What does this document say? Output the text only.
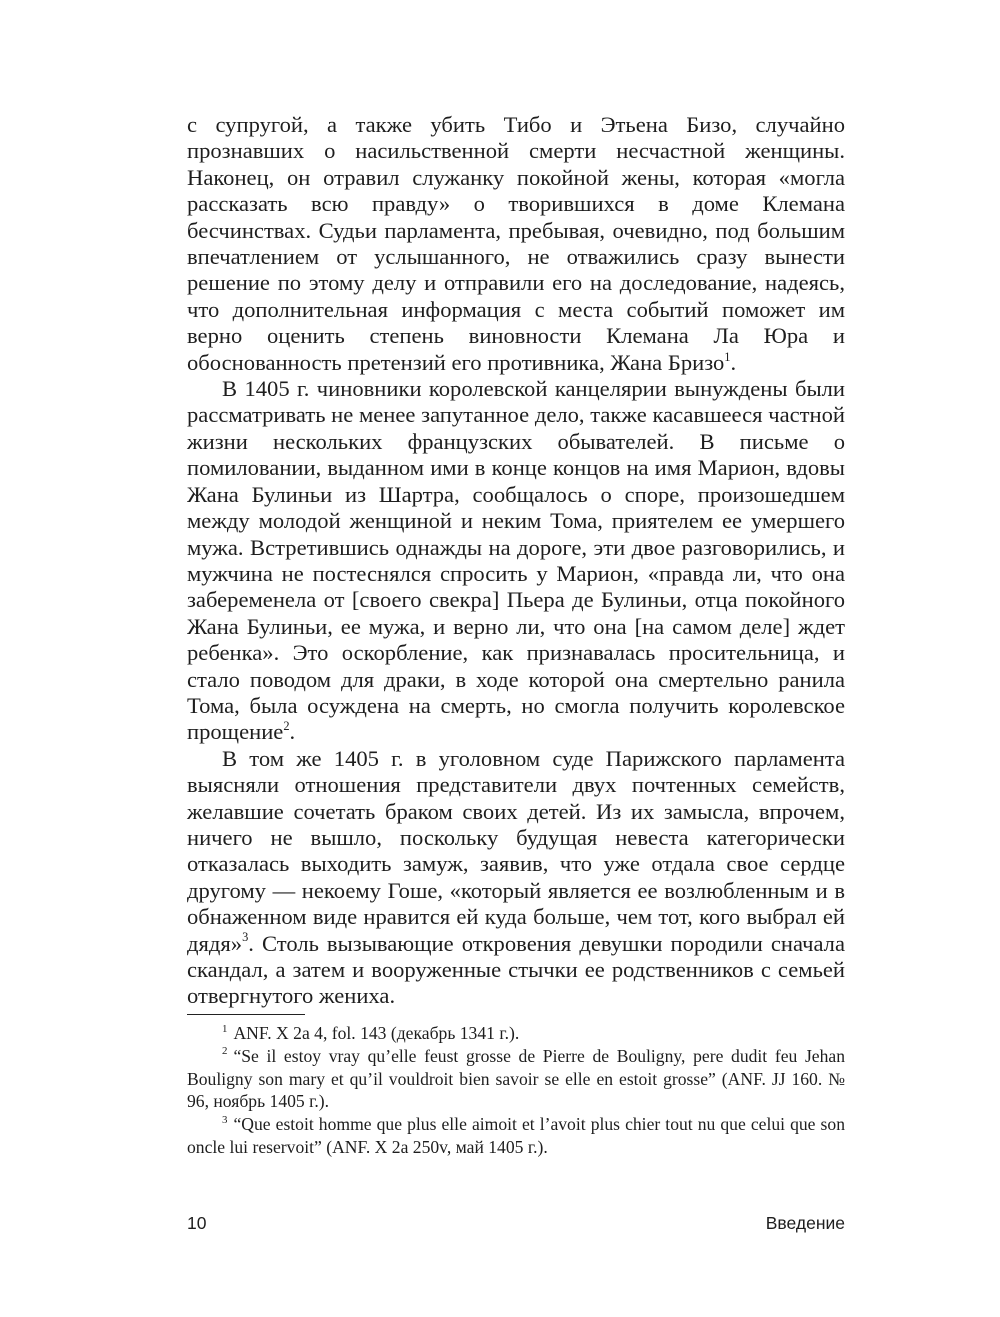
с супругой, а также убить Тибо и Этьена Бизо, случайно прознавших о насильственной смерти несчастной женщины. Наконец, он отравил служанку покойной жены, которая «могла рассказать всю правду» о творившихся в доме Клемана бесчинствах. Судьи парламента, пребывая, очевидно, под большим впечатлением от услышанного, не отважились сразу вынести решение по этому делу и отправили его на доследование, надеясь, что дополнительная информация с места событий поможет им верно оценить степень виновности Клемана Ла Юра и обоснованность претензий его противника, Жана Бризо$^1$.

В 1405 г. чиновники королевской канцелярии вынуждены были рассматривать не менее запутанное дело, также касавшееся частной жизни нескольких французских обывателей. В письме о помиловании, выданном ими в конце концов на имя Марион, вдовы Жана Булиньи из Шартра, сообщалось о споре, произошедшем между молодой женщиной и неким Тома, приятелем ее умершего мужа. Встретившись однажды на дороге, эти двое разговорились, и мужчина не постеснялся спросить у Марион, «правда ли, что она забеременела от [своего свекра] Пьера де Булиньи, отца покойного Жана Булиньи, ее мужа, и верно ли, что она [на самом деле] ждет ребенка». Это оскорбление, как признавалась просительница, и стало поводом для драки, в ходе которой она смертельно ранила Тома, была осуждена на смерть, но смогла получить королевское прощение$^2$.

В том же 1405 г. в уголовном суде Парижского парламента выясняли отношения представители двух почтенных семейств, желавшие сочетать браком своих детей. Из их замысла, впрочем, ничего не вышло, поскольку будущая невеста категорически отказалась выходить замуж, заявив, что уже отдала свое сердце другому — некоему Гоше, «который является ее возлюбленным и в обнаженном виде нравится ей куда больше, чем тот, кого выбрал ей дядя»$^3$. Столь вызывающие откровения девушки породили сначала скандал, а затем и вооруженные стычки ее родственников с семьей отвергнутого жениха.

$^1$ ANF. X 2a 4, fol. 143 (декабрь 1341 г.).

$^2$ “Se il estoy vray qu’elle feust grosse de Pierre de Bouligny, pere dudit feu Jehan Bouligny son mary et qu’il vouldroit bien savoir se elle en estoit grosse” (ANF. JJ 160. № 96, ноябрь 1405 г.).

$^3$ “Que estoit homme que plus elle aimoit et l’avoit plus chier tout nu que celui que son oncle lui reservoit” (ANF. X 2a 250v, май 1405 г.).

10	Введение
